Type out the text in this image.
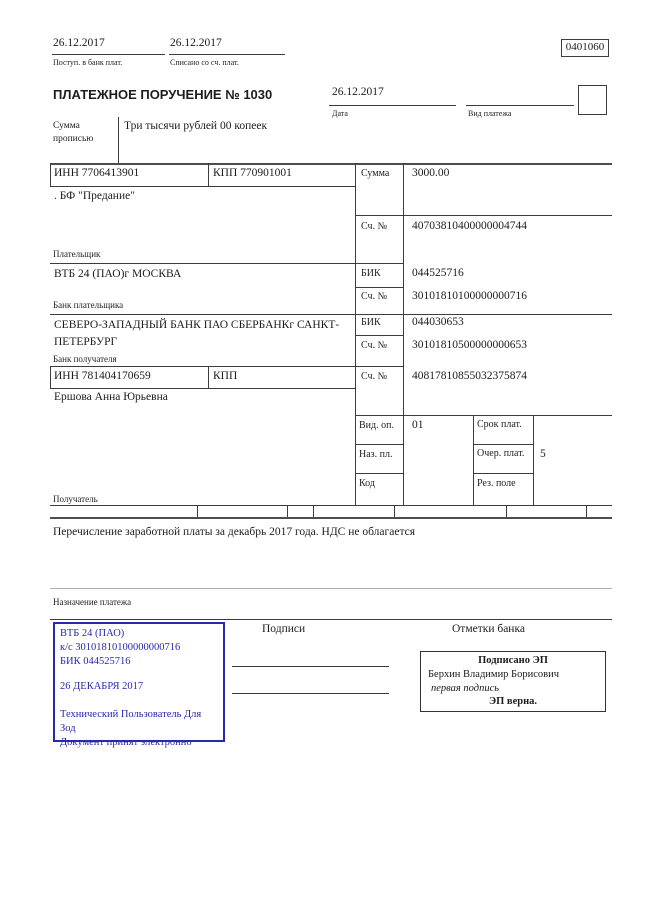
26.12.2017
Поступ. в банк плат.
26.12.2017
Списано со сч. плат.
0401060
ПЛАТЕЖНОЕ ПОРУЧЕНИЕ № 1030	26.12.2017
Дата	Вид платежа
Сумма прописью
Три тысячи рублей 00 копеек
ИНН 7706413901	КПП 770901001	Сумма 3000.00
. БФ "Предание"
Плательщик
Сч. № 40703810400000004744
ВТБ 24 (ПАО)г МОСКВА
Банк плательщика
БИК	044525716
Сч. № 30101810100000000716
СЕВЕРО-ЗАПАДНЫЙ БАНК ПАО СБЕРБАНКг САНКТ-ПЕТЕРБУРГ
Банк получателя
БИК	044030653
Сч. № 30101810500000000653
ИНН 781404170659	КПП	Сч. № 40817810855032375874
Ершова Анна Юрьевна
Получатель
Вид. оп. 01	Срок плат.
Наз. пл.	Очер. плат. 5
Код	Рез. поле
Перечисление заработной платы за декабрь 2017 года. НДС не облагается
Назначение платежа
Подписи	Отметки банка
ВТБ 24 (ПАО)
к/с 30101810100000000716
БИК 044525716
26 ДЕКАБРЯ 2017
Технический Пользователь Для
Зод
Документ принят электронно
Подписано ЭП
Берхин Владимир Борисович
первая подпись
ЭП верна.
